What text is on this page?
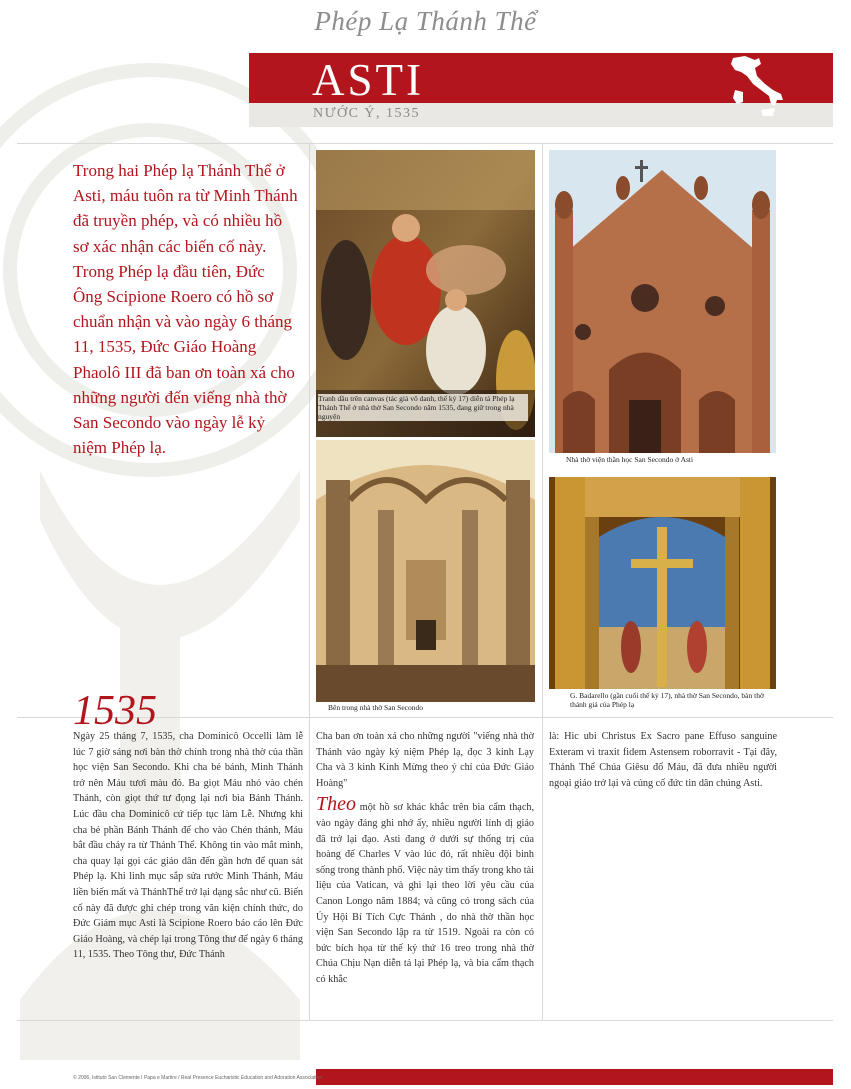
Phép Lạ Thánh Thể
ASTI
NƯỚC Ý, 1535
Trong hai Phép lạ Thánh Thể ở Asti, máu tuôn ra từ Minh Thánh đã truyền phép, và có nhiều hồ sơ xác nhận các biến cố này. Trong Phép lạ đầu tiên, Đức Ông Scipione Roero có hồ sơ chuẩn nhận và vào ngày 6 tháng 11, 1535, Đức Giáo Hoàng Phaolô III đã ban ơn toàn xá cho những người đến viếng nhà thờ San Secondo vào ngày lễ kỷ niệm Phép lạ.
Tranh dầu trên canvas (tác giả vô danh, thế kỷ 17) diễn tả Phép lạ Thánh Thể ở nhà thờ San Secondo năm 1535, đang giữ trong nhà nguyện
Nhà thờ viện thần học San Secondo ở Asti
Bên trong nhà thờ San Secondo
G. Badarello (gần cuối thế kỷ 17), nhà thờ San Secondo, bàn thờ thánh giá của Phép lạ
1535
Ngày 25 tháng 7, 1535, cha Dominicô Occelli làm lễ lúc 7 giờ sáng nơi bàn thờ chính trong nhà thờ của thần học viện San Secondo. Khi cha bẻ bánh, Minh Thánh trở nên Máu tươi màu đỏ. Ba giọt Máu nhỏ vào chén Thánh, còn giọt thứ tư đọng lại nơi bìa Bánh Thánh. Lúc đầu cha Dominicô cứ tiếp tục làm Lễ. Nhưng khi cha bẻ phần Bánh Thánh để cho vào Chén thánh, Máu bắt đầu chảy ra từ Thánh Thể. Không tin vào mắt mình, cha quay lại gọi các giáo dân đến gần hơn để quan sát Phép lạ. Khi linh mục sắp sửa rước Minh Thánh, Máu liền biến mất và ThánhThể trở lại dạng sắc như cũ. Biến cố này đã được ghi chép trong văn kiện chính thức, do Đức Giám mục Asti là Scipione Roero báo cáo lên Đức Giáo Hoàng, và chép lại trong Tông thư để ngày 6 tháng 11, 1535. Theo Tông thư, Đức Thánh
Cha ban ơn toàn xá cho những người "viếng nhà thờ Thánh vào ngày kỷ niệm Phép lạ, đọc 3 kinh Lạy Cha và 3 kinh Kính Mừng theo ý chỉ của Đức Giáo Hoàng"
Theo một hồ sơ khác khắc trên bia cẩm thạch, vào ngày đáng ghi nhớ ấy, nhiều người lính dị giáo đã trở lại đạo. Asti đang ở dưới sự thống trị của hoàng đế Charles V vào lúc đó, rất nhiều đội binh sống trong thành phố. Việc này tìm thấy trong kho tài liệu của Vatican, và ghi lại theo lời yêu cầu của Canon Longo năm 1884; và cũng có trong sách của Ủy Hội Bí Tích Cực Thánh , do nhà thờ thần học viện San Secondo lập ra từ 1519. Ngoài ra còn có bức bích họa từ thế kỷ thứ 16 treo trong nhà thờ Chúa Chịu Nạn diễn tả lại Phép lạ, và bia cẩm thạch có khắc
là: Hic ubi Christus Ex Sacro pane Effuso sanguine Exteram vi traxit fidem Astensem roborravit - Tại đây, Thánh Thể Chúa Giêsu đổ Máu, đã đưa nhiều người ngoại giáo trở lại và củng cố đức tin dân chúng Asti.
© 2006, Istituto San Clemente I Papa e Martire / Real Presence Eucharistic Education and Adoration Association
